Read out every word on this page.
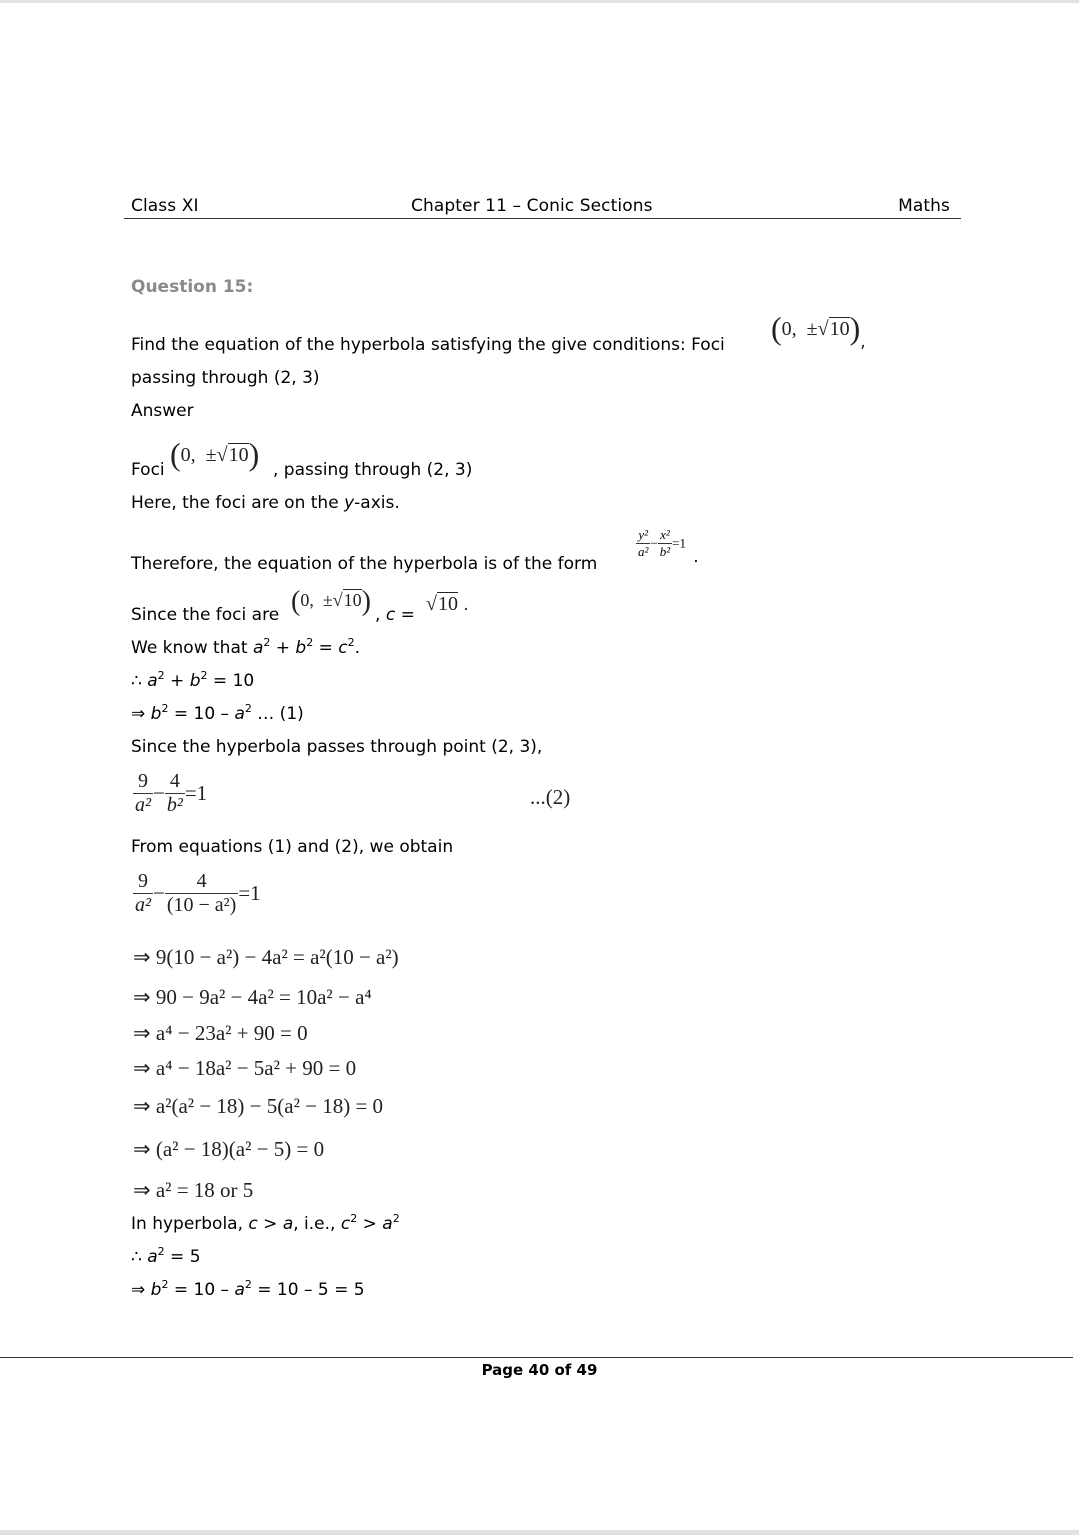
Class XI	Chapter 11 – Conic Sections	Maths
Question 15:
Find the equation of the hyperbola satisfying the give conditions: Foci (0,  $\pm√10)_,$
passing through (2, 3)
Answer
Foci (0,  ±√10) , passing through (2, 3)
Here, the foci are on the y-axis.
Therefore, the equation of the hyperbola is of the form
$\frac{\text{y²}}{\text{a²}} - \frac{\text{x²}}{\text{b²}} =1$ .
Since the foci are (0,  ±√10) , c = √10 .
We know that $a^2 + b^2 = c^2$.
∴ $a^2 + b^2 = 10$
⇒ $b^2 = 10 - a^2$ … (1)
Since the hyperbola passes through point (2, 3),
$\frac{9}{\text{a²}} - \frac{4}{\text{b²}} =1$	...(2)
From equations (1) and (2), we obtain
$\frac{9}{\text{a²}} - \frac{4}{\text{(10 − a²)}} =1$
⇒ 9(10 − a²) − 4a² = a²(10 − a²)
⇒ 90 − 9a² − 4a² = 10a² − a⁴
⇒ a⁴ − 23a² + 90 = 0
⇒ a⁴ − 18a² − 5a² + 90 = 0
⇒ a²(a² − 18) − 5(a² − 18) = 0
⇒ (a² − 18)(a² − 5) = 0
⇒ a² = 18 or 5
In hyperbola, c > a, i.e., $c^2 > a^2$
∴ $a^2 = 5$
⇒ $b^2 = 10 - a^2 = 10 - 5 = 5$
Page 40 of 49
